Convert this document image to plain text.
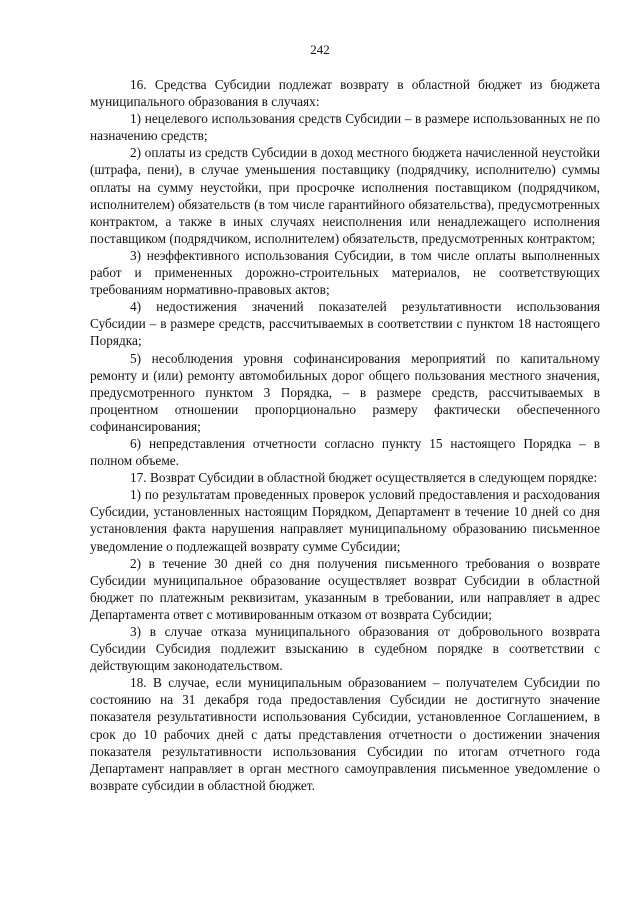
242

16. Средства Субсидии подлежат возврату в областной бюджет из бюджета муниципального образования в случаях:

1) нецелевого использования средств Субсидии – в размере использованных не по назначению средств;

2) оплаты из средств Субсидии в доход местного бюджета начисленной неустойки (штрафа, пени), в случае уменьшения поставщику (подрядчику, исполнителю) суммы оплаты на сумму неустойки, при просрочке исполнения поставщиком (подрядчиком, исполнителем) обязательств (в том числе гарантийного обязательства), предусмотренных контрактом, а также в иных случаях неисполнения или ненадлежащего исполнения поставщиком (подрядчиком, исполнителем) обязательств, предусмотренных контрактом;

3) неэффективного использования Субсидии, в том числе оплаты выполненных работ и примененных дорожно-строительных материалов, не соответствующих требованиям нормативно-правовых актов;

4) недостижения значений показателей результативности использования Субсидии – в размере средств, рассчитываемых в соответствии с пунктом 18 настоящего Порядка;

5) несоблюдения уровня софинансирования мероприятий по капитальному ремонту и (или) ремонту автомобильных дорог общего пользования местного значения, предусмотренного пунктом 3 Порядка, – в размере средств, рассчитываемых в процентном отношении пропорционально размеру фактически обеспеченного софинансирования;

6) непредставления отчетности согласно пункту 15 настоящего Порядка – в полном объеме.

17. Возврат Субсидии в областной бюджет осуществляется в следующем порядке:

1) по результатам проведенных проверок условий предоставления и расходования Субсидии, установленных настоящим Порядком, Департамент в течение 10 дней со дня установления факта нарушения направляет муниципальному образованию письменное уведомление о подлежащей возврату сумме Субсидии;

2) в течение 30 дней со дня получения письменного требования о возврате Субсидии муниципальное образование осуществляет возврат Субсидии в областной бюджет по платежным реквизитам, указанным в требовании, или направляет в адрес Департамента ответ с мотивированным отказом от возврата Субсидии;

3) в случае отказа муниципального образования от добровольного возврата Субсидии Субсидия подлежит взысканию в судебном порядке в соответствии с действующим законодательством.

18. В случае, если муниципальным образованием – получателем Субсидии по состоянию на 31 декабря года предоставления Субсидии не достигнуто значение показателя результативности использования Субсидии, установленное Соглашением, в срок до 10 рабочих дней с даты представления отчетности о достижении значения показателя результативности использования Субсидии по итогам отчетного года Департамент направляет в орган местного самоуправления письменное уведомление о возврате субсидии в областной бюджет.
